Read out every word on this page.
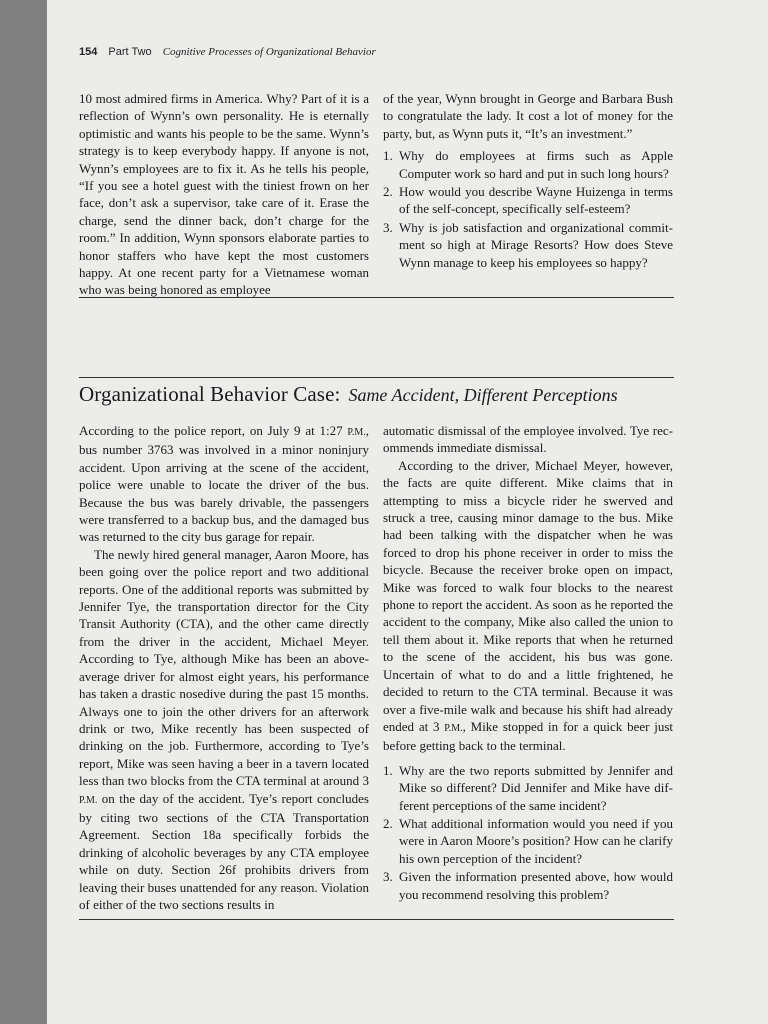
154 Part Two Cognitive Processes of Organizational Behavior

10 most admired firms in America. Why? Part of it is a reflection of Wynn’s own personality. He is eternally optimistic and wants his people to be the same. Wynn’s strategy is to keep everybody happy. If anyone is not, Wynn’s employees are to fix it. As he tells his people, “If you see a hotel guest with the tiniest frown on her face, don’t ask a supervisor, take care of it. Erase the charge, send the dinner back, don’t charge for the room.” In addition, Wynn sponsors elaborate parties to honor staffers who have kept the most customers happy. At one recent party for a Vietnamese woman who was being honored as employee

of the year, Wynn brought in George and Barbara Bush to congratulate the lady. It cost a lot of money for the party, but, as Wynn puts it, “It’s an investment.”

1. Why do employees at firms such as Apple Computer work so hard and put in such long hours?
2. How would you describe Wayne Huizenga in terms of the self-concept, specifically self-esteem?
3. Why is job satisfaction and organizational commitment so high at Mirage Resorts? How does Steve Wynn manage to keep his employees so happy?
Organizational Behavior Case: Same Accident, Different Perceptions

According to the police report, on July 9 at 1:27 P.M., bus number 3763 was involved in a minor noninjury accident. Upon arriving at the scene of the accident, police were unable to locate the driver of the bus. Because the bus was barely drivable, the passengers were transferred to a backup bus, and the damaged bus was returned to the city bus garage for repair.

The newly hired general manager, Aaron Moore, has been going over the police report and two additional reports. One of the additional reports was submitted by Jennifer Tye, the transportation director for the City Transit Authority (CTA), and the other came directly from the driver in the accident, Michael Meyer. According to Tye, although Mike has been an above-average driver for almost eight years, his performance has taken a drastic nosedive during the past 15 months. Always one to join the other drivers for an afterwork drink or two, Mike recently has been suspected of drinking on the job. Furthermore, according to Tye’s report, Mike was seen having a beer in a tavern located less than two blocks from the CTA terminal at around 3 P.M. on the day of the accident. Tye’s report concludes by citing two sections of the CTA Transportation Agreement. Section 18a specifically forbids the drinking of alcoholic beverages by any CTA employee while on duty. Section 26f prohibits drivers from leaving their buses unattended for any reason. Violation of either of the two sections results in

automatic dismissal of the employee involved. Tye recommends immediate dismissal.

According to the driver, Michael Meyer, however, the facts are quite different. Mike claims that in attempting to miss a bicycle rider he swerved and struck a tree, causing minor damage to the bus. Mike had been talking with the dispatcher when he was forced to drop his phone receiver in order to miss the bicycle. Because the receiver broke open on impact, Mike was forced to walk four blocks to the nearest phone to report the accident. As soon as he reported the accident to the company, Mike also called the union to tell them about it. Mike reports that when he returned to the scene of the accident, his bus was gone. Uncertain of what to do and a little frightened, he decided to return to the CTA terminal. Because it was over a five-mile walk and because his shift had already ended at 3 P.M., Mike stopped in for a quick beer just before getting back to the terminal.

1. Why are the two reports submitted by Jennifer and Mike so different? Did Jennifer and Mike have different perceptions of the same incident?
2. What additional information would you need if you were in Aaron Moore’s position? How can he clarify his own perception of the incident?
3. Given the information presented above, how would you recommend resolving this problem?
